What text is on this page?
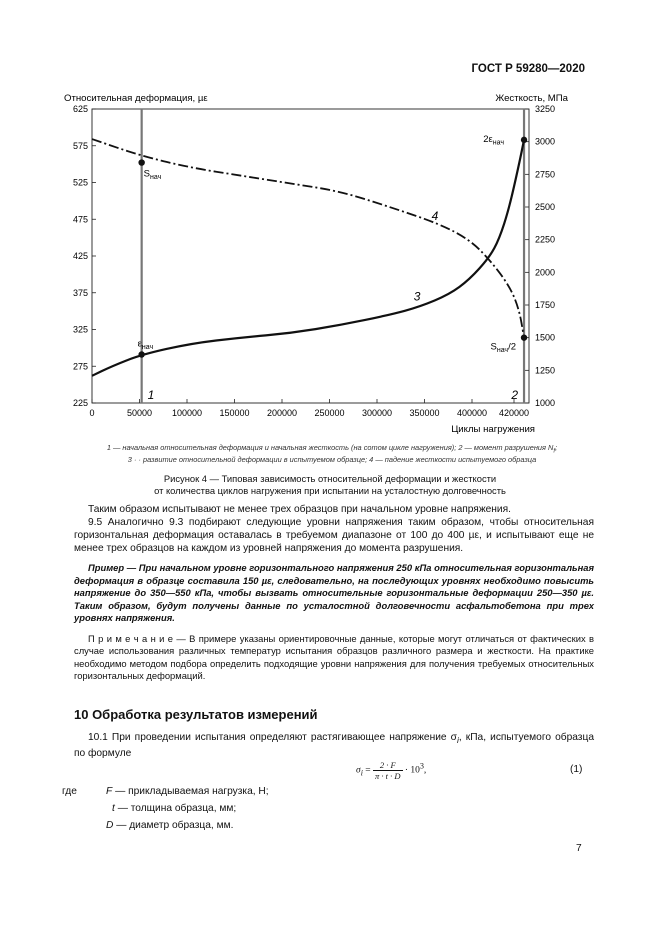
ГОСТ Р 59280—2020
Относительная деформация, µε	Жесткость, МПа
0	50000 100000 150000 200000 250000 300000 350000 400000 420000
225
275
325
375
425
475
525
575
625
1000
1250
1500
1750
2000
2250
2500
2750
3000
3250
1	2
3
4
$S_{нач}$
$\varepsilon_{нач}$
$2\varepsilon_{нач}$
$S_{нач}/2$
Циклы нагружения
1 — начальная относительная деформация и начальная жесткость (на сотом цикле нагружения); 2 — момент разрушения $N_f$;
3 · · развитие относительной деформации в испытуемом образце; 4 — падение жесткости испытуемого образца
Рисунок 4 — Типовая зависимость относительной деформации и жесткости
от количества циклов нагружения при испытании на усталостную долговечность
Таким образом испытывают не менее трех образцов при начальном уровне напряжения.
9.5 Аналогично 9.3 подбирают следующие уровни напряжения таким образом, чтобы относительная горизонтальная деформация оставалась в требуемом диапазоне от 100 до 400 µε, и испытывают еще не менее трех образцов на каждом из уровней напряжения до момента разрушения.
Пример — При начальном уровне горизонтального напряжения 250 кПа относительная горизонтальная деформация в образце составила 150 µε, следовательно, на последующих уровнях необходимо повысить напряжение до 350—550 кПа, чтобы вызвать относительные горизонтальные деформации 250—350 µε. Таким образом, будут получены данные по усталостной долговечности асфальтобетона при трех уровнях напряжения.
П р и м е ч а н и е — В примере указаны ориентировочные данные, которые могут отличаться от фактических в случае использования различных температур испытания образцов различного размера и жесткости. На практике необходимо методом подбора определить подходящие уровни напряжения для получения требуемых относительных горизонтальных деформаций.
10 Обработка результатов измерений
10.1 При проведении испытания определяют растягивающее напряжение $\sigma_i$, кПа, испытуемого образца по формуле
$\sigma_i = \frac{2 \cdot F}{\pi \cdot t \cdot D} \cdot 10^3$,	(1)
где	F — прикладываемая нагрузка, Н;
t — толщина образца, мм;
D — диаметр образца, мм.
7
